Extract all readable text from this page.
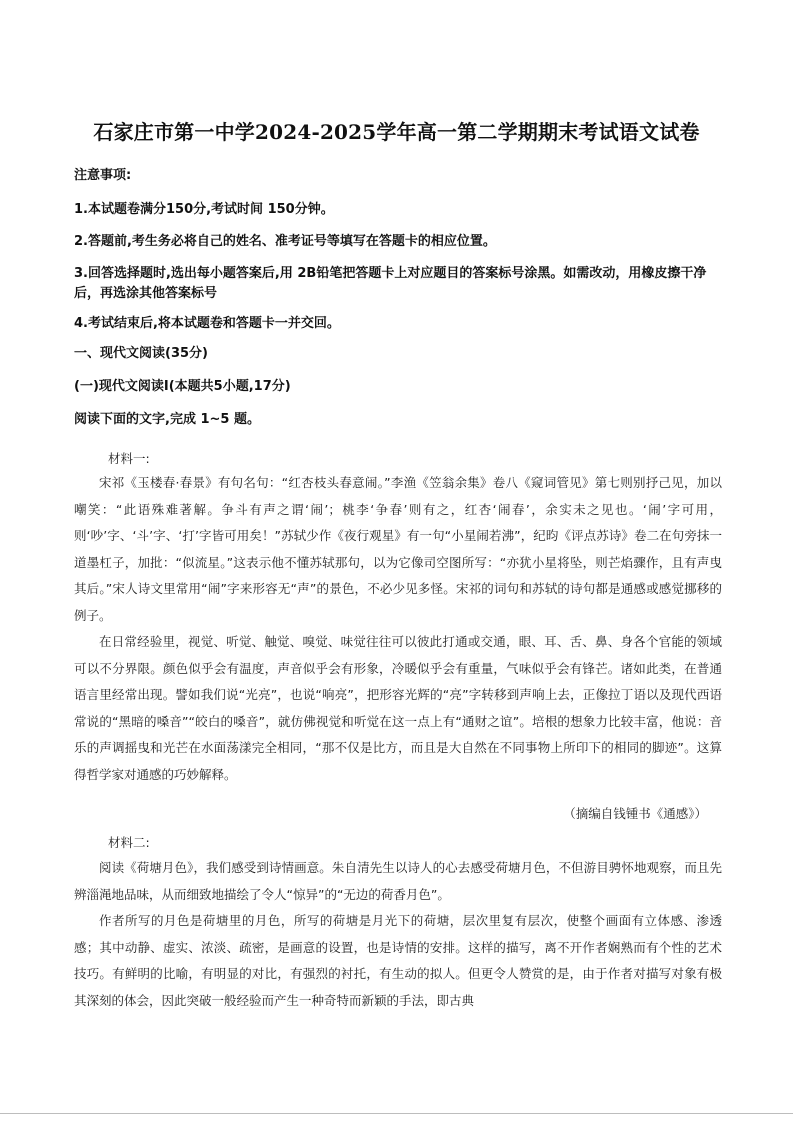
石家庄市第一中学2024-2025学年高一第二学期期末考试语文试卷
注意事项:
1.本试题卷满分150分,考试时间 150分钟。
2.答题前,考生务必将自己的姓名、准考证号等填写在答题卡的相应位置。
3.回答选择题时,选出每小题答案后,用 2B铅笔把答题卡上对应题目的答案标号涂黑。如需改动，用橡皮擦干净后，再选涂其他答案标号
4.考试结束后,将本试题卷和答题卡一并交回。
一、现代文阅读(35分)
(一)现代文阅读I(本题共5小题,17分)
阅读下面的文字,完成 1~5 题。
材料一:

宋祁《玉楼春·春景》有句名句：“红杏枝头春意闹。”李渔《笠翁余集》卷八《窥词管见》第七则别抒己见，加以嘲笑：“此语殊难著解。争斗有声之谓‘闹’；桃李‘争春’则有之，红杏‘闹春’，余实未之见也。‘闹’字可用，则‘吵’字、‘斗’字、‘打’字皆可用矣！”苏轼少作《夜行观星》有一句“小星闹若沸”，纪昀《评点苏诗》卷二在句旁抹一道墨杠子，加批：“似流星。”这表示他不懂苏轼那句，以为它像司空图所写：“亦犹小星将坠，则芒焰骤作，且有声曳其后。”宋人诗文里常用“闹”字来形容无“声”的景色，不必少见多怪。宋祁的词句和苏轼的诗句都是通感或感觉挪移的例子。

在日常经验里，视觉、听觉、触觉、嗅觉、味觉往往可以彼此打通或交通，眼、耳、舌、鼻、身各个官能的领域可以不分界限。颜色似乎会有温度，声音似乎会有形象，冷暖似乎会有重量，气味似乎会有锋芒。诸如此类，在普通语言里经常出现。譬如我们说“光亮”，也说“响亮”，把形容光辉的“亮”字转移到声响上去，正像拉丁语以及现代西语常说的“黑暗的嗓音”“皎白的嗓音”，就仿佛视觉和听觉在这一点上有“通财之谊”。培根的想象力比较丰富，他说：音乐的声调摇曳和光芒在水面荡漾完全相同，“那不仅是比方，而且是大自然在不同事物上所印下的相同的脚迹”。这算得哲学家对通感的巧妙解释。

（摘编自钱锺书《通感》）
材料二:

阅读《荷塘月色》，我们感受到诗情画意。朱自清先生以诗人的心去感受荷塘月色，不但游目骋怀地观察，而且先辨淄渑地品味，从而细致地描绘了令人“惊异”的“无边的荷香月色”。

作者所写的月色是荷塘里的月色，所写的荷塘是月光下的荷塘，层次里复有层次，使整个画面有立体感、渗透感；其中动静、虚实、浓淡、疏密，是画意的设置，也是诗情的安排。这样的描写，离不开作者娴熟而有个性的艺术技巧。有鲜明的比喻，有明显的对比，有强烈的衬托，有生动的拟人。但更令人赞赏的是，由于作者对描写对象有极其深刻的体会，因此突破一般经验而产生一种奇特而新颖的手法，即古典
